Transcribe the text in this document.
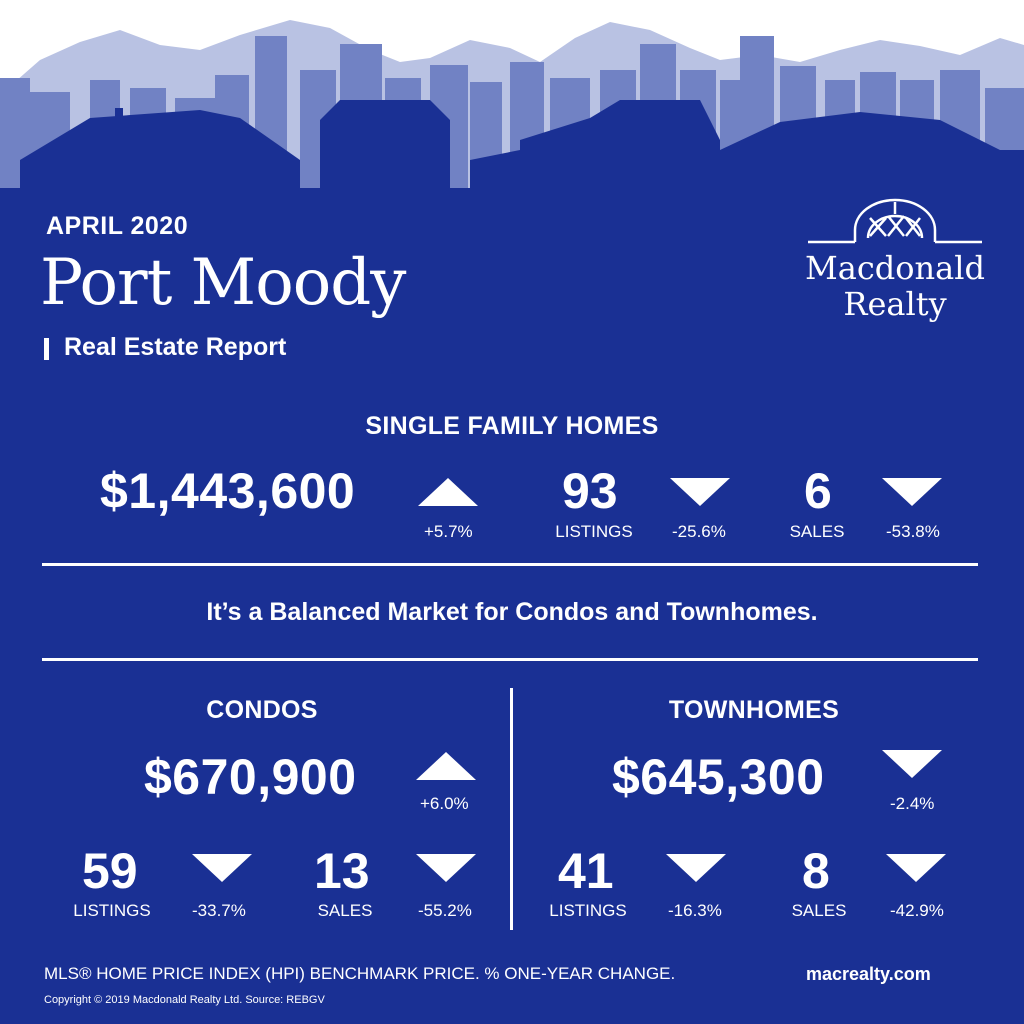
APRIL 2020
Port Moody
Real Estate Report
Macdonald
Realty
SINGLE FAMILY HOMES
$1,443,600
+5.7%
93
LISTINGS	-25.6%
6
SALES	-53.8%
It’s a Balanced Market for Condos and Townhomes.
CONDOS
$670,900	+6.0%
59
LISTINGS	-33.7%
13
SALES	-55.2%
TOWNHOMES
$645,300	-2.4%
41
LISTINGS	-16.3%
8
SALES	-42.9%
MLS® HOME PRICE INDEX (HPI) BENCHMARK PRICE. % ONE-YEAR CHANGE.
Copyright © 2019 Macdonald Realty Ltd. Source: REBGV
macrealty.com
